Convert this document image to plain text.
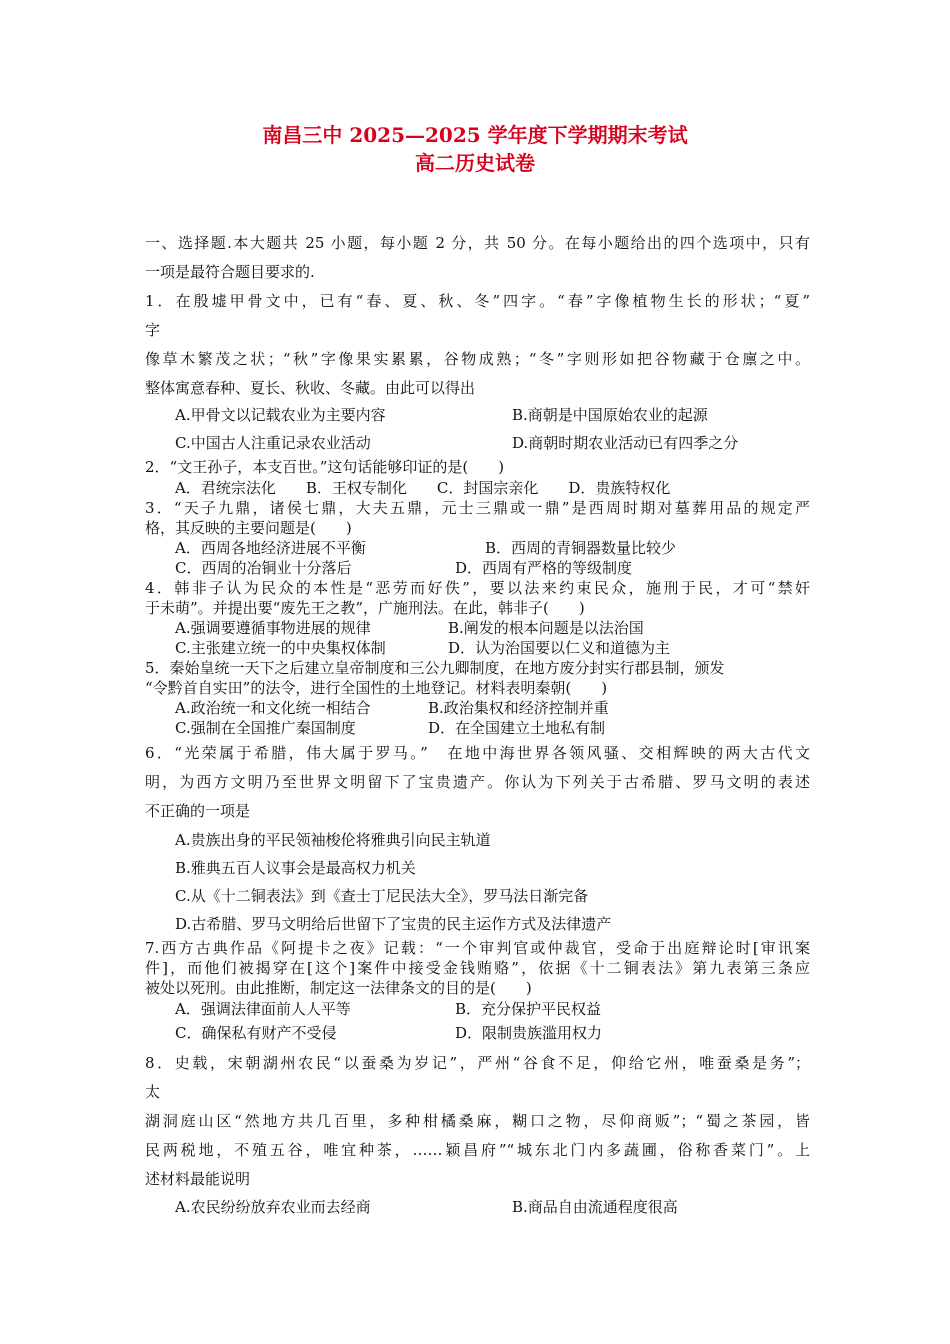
南昌三中 2025—2025 学年度下学期期末考试
高二历史试卷
一、选择题.本大题共 25 小题，每小题 2 分，共 50 分。在每小题给出的四个选项中，只有
一项是最符合题目要求的.
1．在殷墟甲骨文中，已有“春、夏、秋、冬”四字。“春”字像植物生长的形状；“夏”
字
像草木繁茂之状；“秋”字像果实累累，谷物成熟；“冬”字则形如把谷物藏于仓廪之中。
整体寓意春种、夏长、秋收、冬藏。由此可以得出
A.甲骨文以记载农业为主要内容	B.商朝是中国原始农业的起源
C.中国古人注重记录农业活动	D.商朝时期农业活动已有四季之分
2．“文王孙子，本支百世。”这句话能够印证的是(　　)
A．君统宗法化　　B．王权专制化　　C．封国宗亲化　　D．贵族特权化
3．“天子九鼎，诸侯七鼎，大夫五鼎，元士三鼎或一鼎”是西周时期对墓葬用品的规定严
格，其反映的主要问题是(　　)
A．西周各地经济进展不平衡	B．西周的青铜器数量比较少
C．西周的冶铜业十分落后	D．西周有严格的等级制度
4．韩非子认为民众的本性是“恶劳而好佚”，要以法来约束民众，施刑于民，才可“禁奸
于未萌”。并提出要“废先王之教”，广施刑法。在此，韩非子(　　)
A.强调要遵循事物进展的规律	B.阐发的根本问题是以法治国
C.主张建立统一的中央集权体制	D．认为治国要以仁义和道德为主
5．秦始皇统一天下之后建立皇帝制度和三公九卿制度，在地方废分封实行郡县制，颁发
“令黔首自实田”的法令，进行全国性的土地登记。材料表明秦朝(　　)
A.政治统一和文化统一相结合	B.政治集权和经济控制并重
C.强制在全国推广秦国制度	D．在全国建立土地私有制
6．“光荣属于希腊，伟大属于罗马。”　在地中海世界各领风骚、交相辉映的两大古代文
明，为西方文明乃至世界文明留下了宝贵遗产。你认为下列关于古希腊、罗马文明的表述
不正确的一项是
A.贵族出身的平民领袖梭伦将雅典引向民主轨道
B.雅典五百人议事会是最高权力机关
C.从《十二铜表法》到《查士丁尼民法大全》，罗马法日渐完备
D.古希腊、罗马文明给后世留下了宝贵的民主运作方式及法律遗产
7.西方古典作品《阿提卡之夜》记载：“一个审判官或仲裁官，受命于出庭辩论时[审讯案
件]，而他们被揭穿在[这个]案件中接受金钱贿赂”，依据《十二铜表法》第九表第三条应
被处以死刑。由此推断，制定这一法律条文的目的是(　　)
A．强调法律面前人人平等	B．充分保护平民权益
C．确保私有财产不受侵	D．限制贵族滥用权力
8．史载，宋朝湖州农民“以蚕桑为岁记”，严州“谷食不足，仰给它州，唯蚕桑是务”；
太
湖洞庭山区“然地方共几百里，多种柑橘桑麻，糊口之物，尽仰商贩”；“蜀之茶园，皆
民两税地，不殖五谷，唯宜种茶，……颖昌府”“城东北门内多蔬圃，俗称香菜门”。上
述材料最能说明
A.农民纷纷放弃农业而去经商	B.商品自由流通程度很高
